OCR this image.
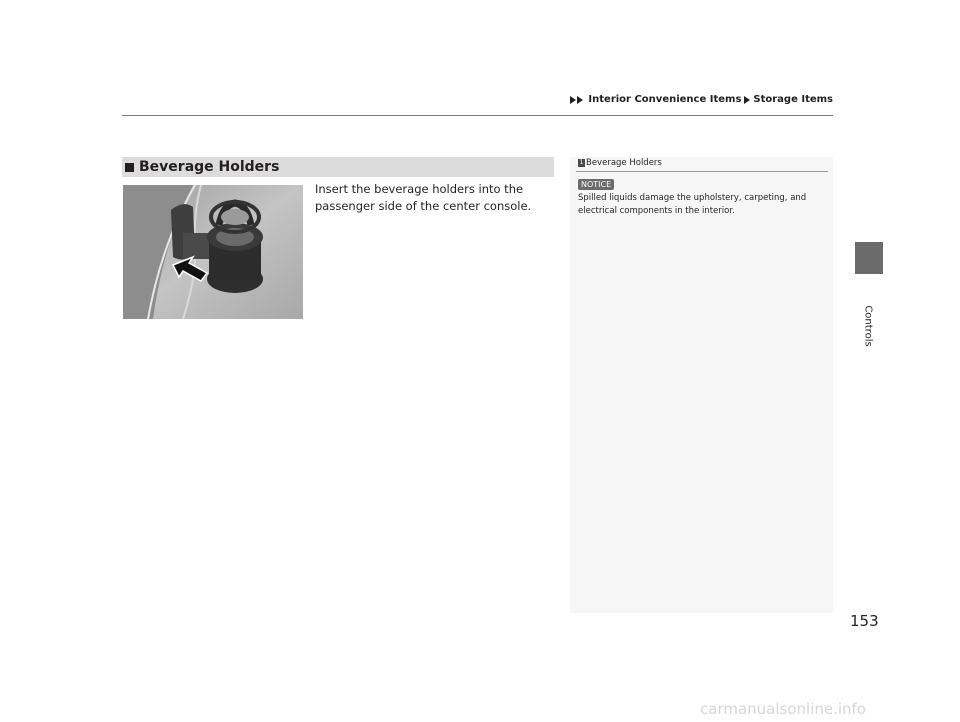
Interior Convenience Items Storage Items
Controls
Beverage Holders
Insert the beverage holders into the passenger side of the center console.
1 Beverage Holders
NOTICE
Spilled liquids damage the upholstery, carpeting, and electrical components in the interior.
153
carmanualsonline.info
